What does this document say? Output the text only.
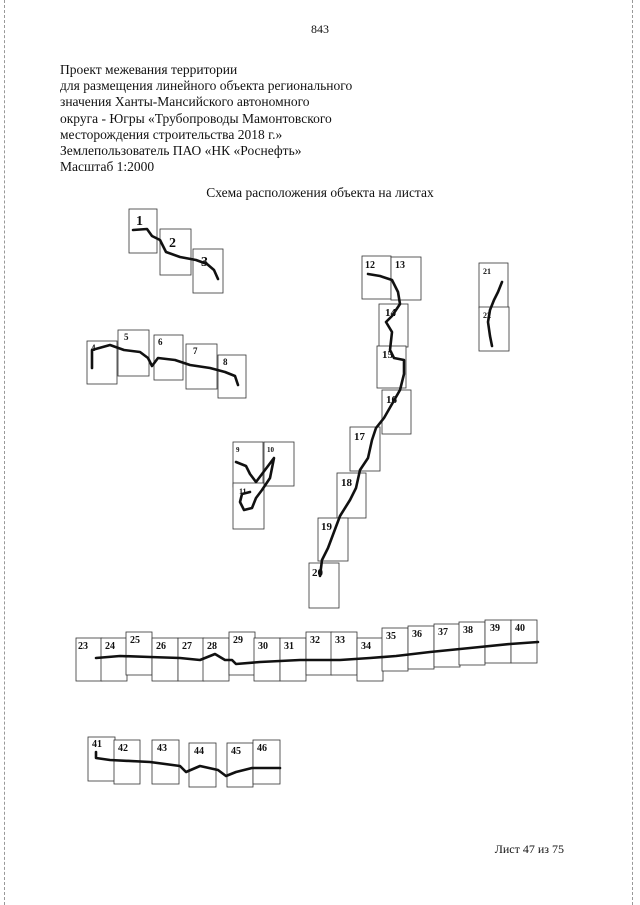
843
Проект межевания территории
для размещения линейного объекта регионального
значения Ханты-Мансийского автономного
округа - Югры «Трубопроводы Мамонтовского
месторождения строительства 2018 г.»
Землепользователь ПАО «НК «Роснефть»
Масштаб 1:2000
Схема расположения объекта на листах
1
2
3
4
5	6
7
8
9	10
11
12 13
14
15
16
17
18
19
20
21
22
23 24
25
26 27 28
29
30 31
32 33
34
35 36 37 38 39 40
41 42	43	44	45 46
Лист 47 из 75
